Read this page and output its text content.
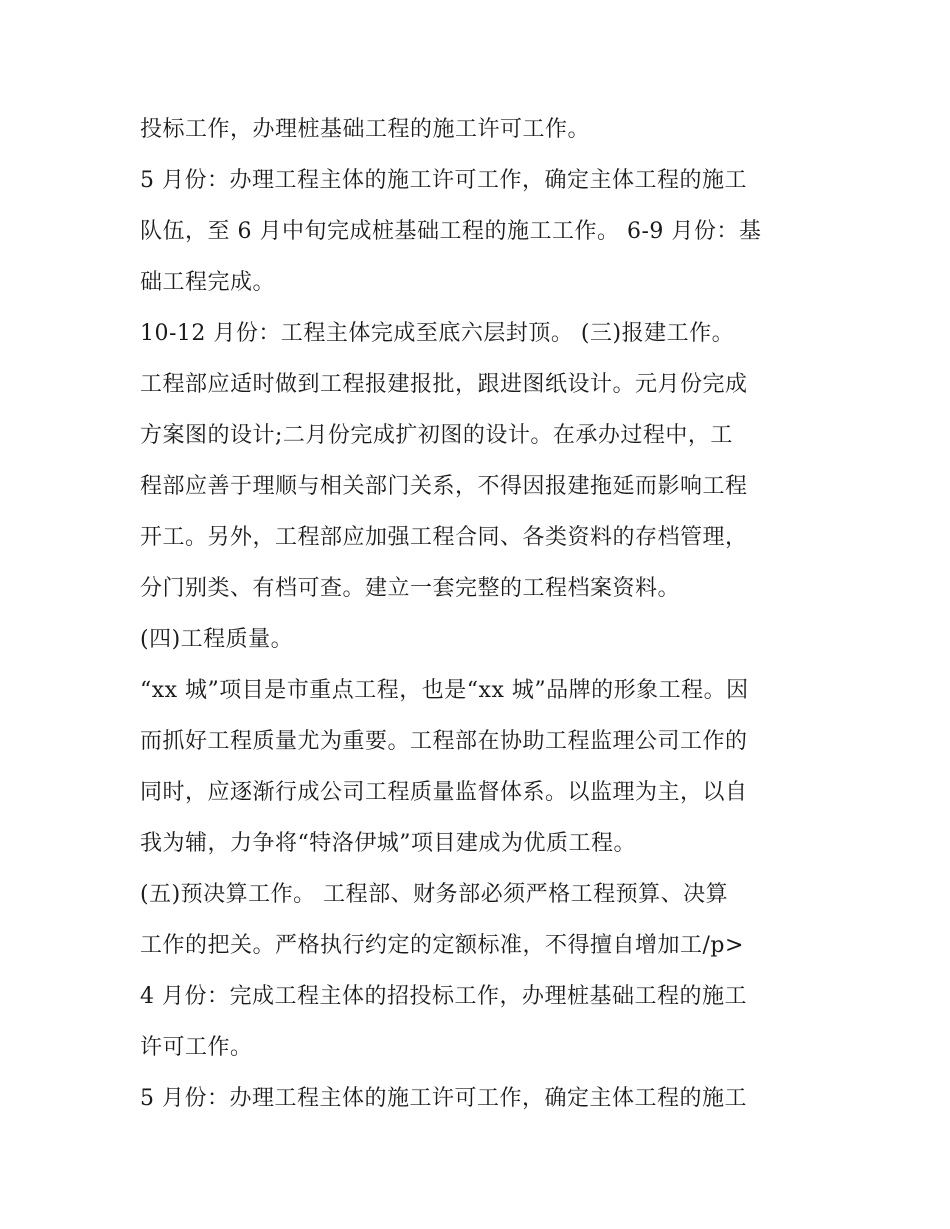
投标工作，办理桩基础工程的施工许可工作。
5 月份：办理工程主体的施工许可工作，确定主体工程的施工
队伍，至 6 月中旬完成桩基础工程的施工工作。 6-9 月份：基
础工程完成。
10-12 月份：工程主体完成至底六层封顶。 (三)报建工作。
工程部应适时做到工程报建报批，跟进图纸设计。元月份完成
方案图的设计;二月份完成扩初图的设计。在承办过程中，工
程部应善于理顺与相关部门关系，不得因报建拖延而影响工程
开工。另外，工程部应加强工程合同、各类资料的存档管理，
分门别类、有档可查。建立一套完整的工程档案资料。
(四)工程质量。
“xx 城”项目是市重点工程，也是“xx 城”品牌的形象工程。因
而抓好工程质量尤为重要。工程部在协助工程监理公司工作的
同时，应逐渐行成公司工程质量监督体系。以监理为主，以自
我为辅，力争将“特洛伊城”项目建成为优质工程。
(五)预决算工作。 工程部、财务部必须严格工程预算、决算
工作的把关。严格执行约定的定额标准，不得擅自增加工/p>
4 月份：完成工程主体的招投标工作，办理桩基础工程的施工
许可工作。
5 月份：办理工程主体的施工许可工作，确定主体工程的施工
